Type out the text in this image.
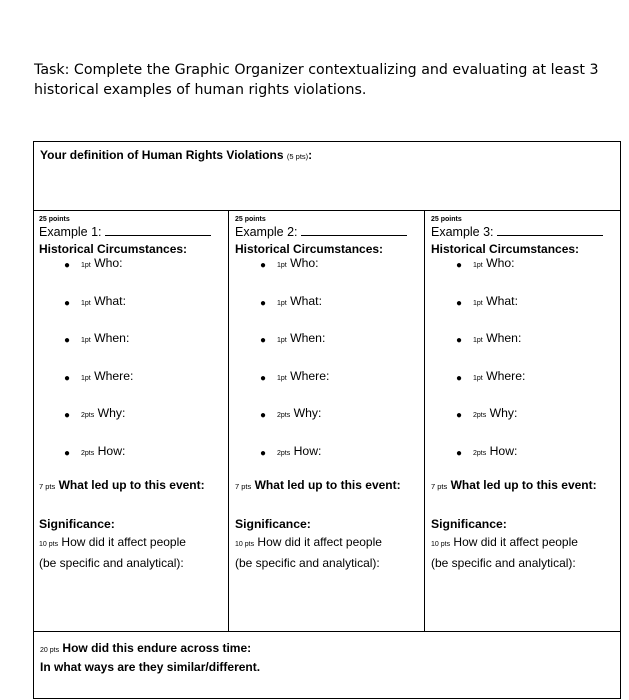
Task: Complete the Graphic Organizer contextualizing and evaluating at least 3 historical examples of human rights violations.
Your definition of Human Rights Violations (5 pts):
25 points
Example 1:
Historical Circumstances:
● 1pt Who:
● 1pt What:
● 1pt When:
● 1pt Where:
● 2pts Why:
● 2pts How:
7 pts What led up to this event:
Significance:
10 pts How did it affect people
(be specific and analytical):
25 points
Example 2:
Historical Circumstances:
● 1pt Who:
● 1pt What:
● 1pt When:
● 1pt Where:
● 2pts Why:
● 2pts How:
7 pts What led up to this event:
Significance:
10 pts How did it affect people
(be specific and analytical):
25 points
Example 3:
Historical Circumstances:
● 1pt Who:
● 1pt What:
● 1pt When:
● 1pt Where:
● 2pts Why:
● 2pts How:
7 pts What led up to this event:
Significance:
10 pts How did it affect people
(be specific and analytical):
20 pts How did this endure across time:
In what ways are they similar/different.
